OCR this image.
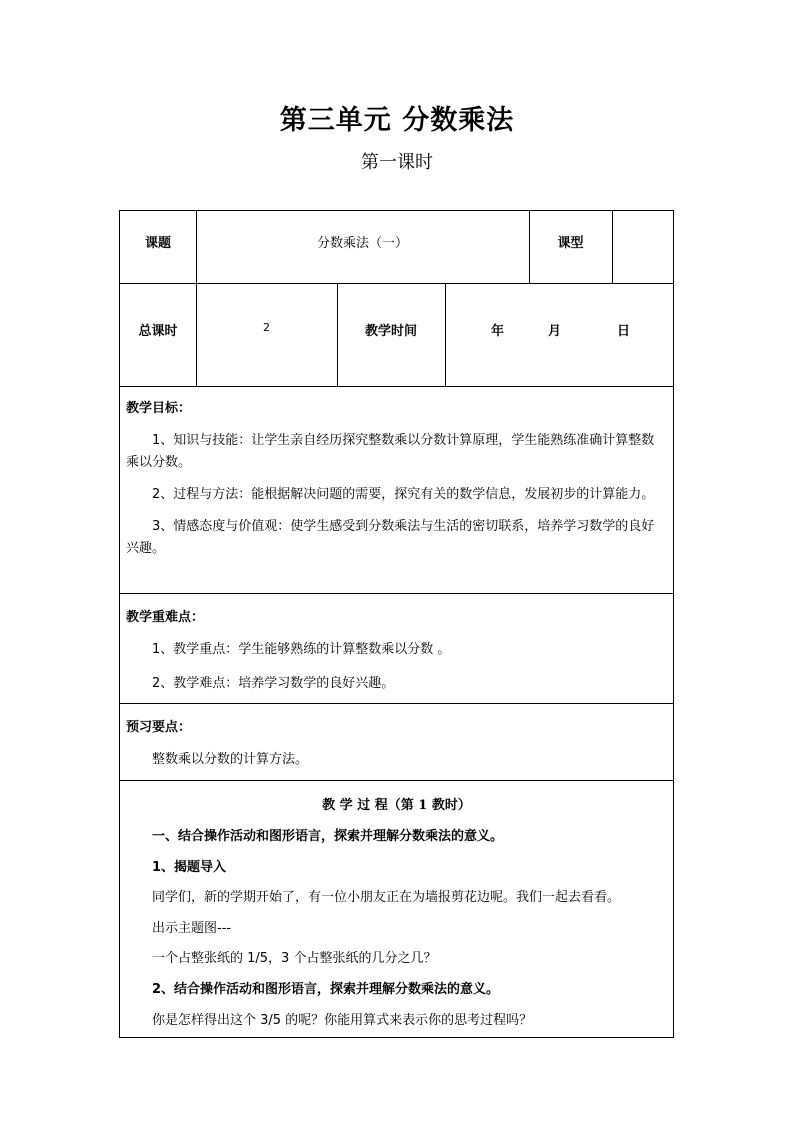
第三单元 分数乘法
第一课时
课题	分数乘法（一）	课型
总课时	2	教学时间	年	月	日

教学目标：

1、知识与技能：让学生亲自经历探究整数乘以分数计算原理，学生能熟练准确计算整数乘以分数。

2、过程与方法：能根据解决问题的需要，探究有关的数学信息，发展初步的计算能力。

3、情感态度与价值观：使学生感受到分数乘法与生活的密切联系，培养学习数学的良好兴趣。

教学重难点：
1、教学重点：学生能够熟练的计算整数乘以分数 。
2、教学难点：培养学习数学的良好兴趣。
预习要点：
整数乘以分数的计算方法。
教 学 过 程（第 1 教时）
一、结合操作活动和图形语言，探索并理解分数乘法的意义。
1、揭题导入
同学们，新的学期开始了，有一位小朋友正在为墙报剪花边呢。我们一起去看看。
出示主题图---
一个占整张纸的 1/5，3 个占整张纸的几分之几？
2、结合操作活动和图形语言，探索并理解分数乘法的意义。
你是怎样得出这个 3/5 的呢？你能用算式来表示你的思考过程吗？
